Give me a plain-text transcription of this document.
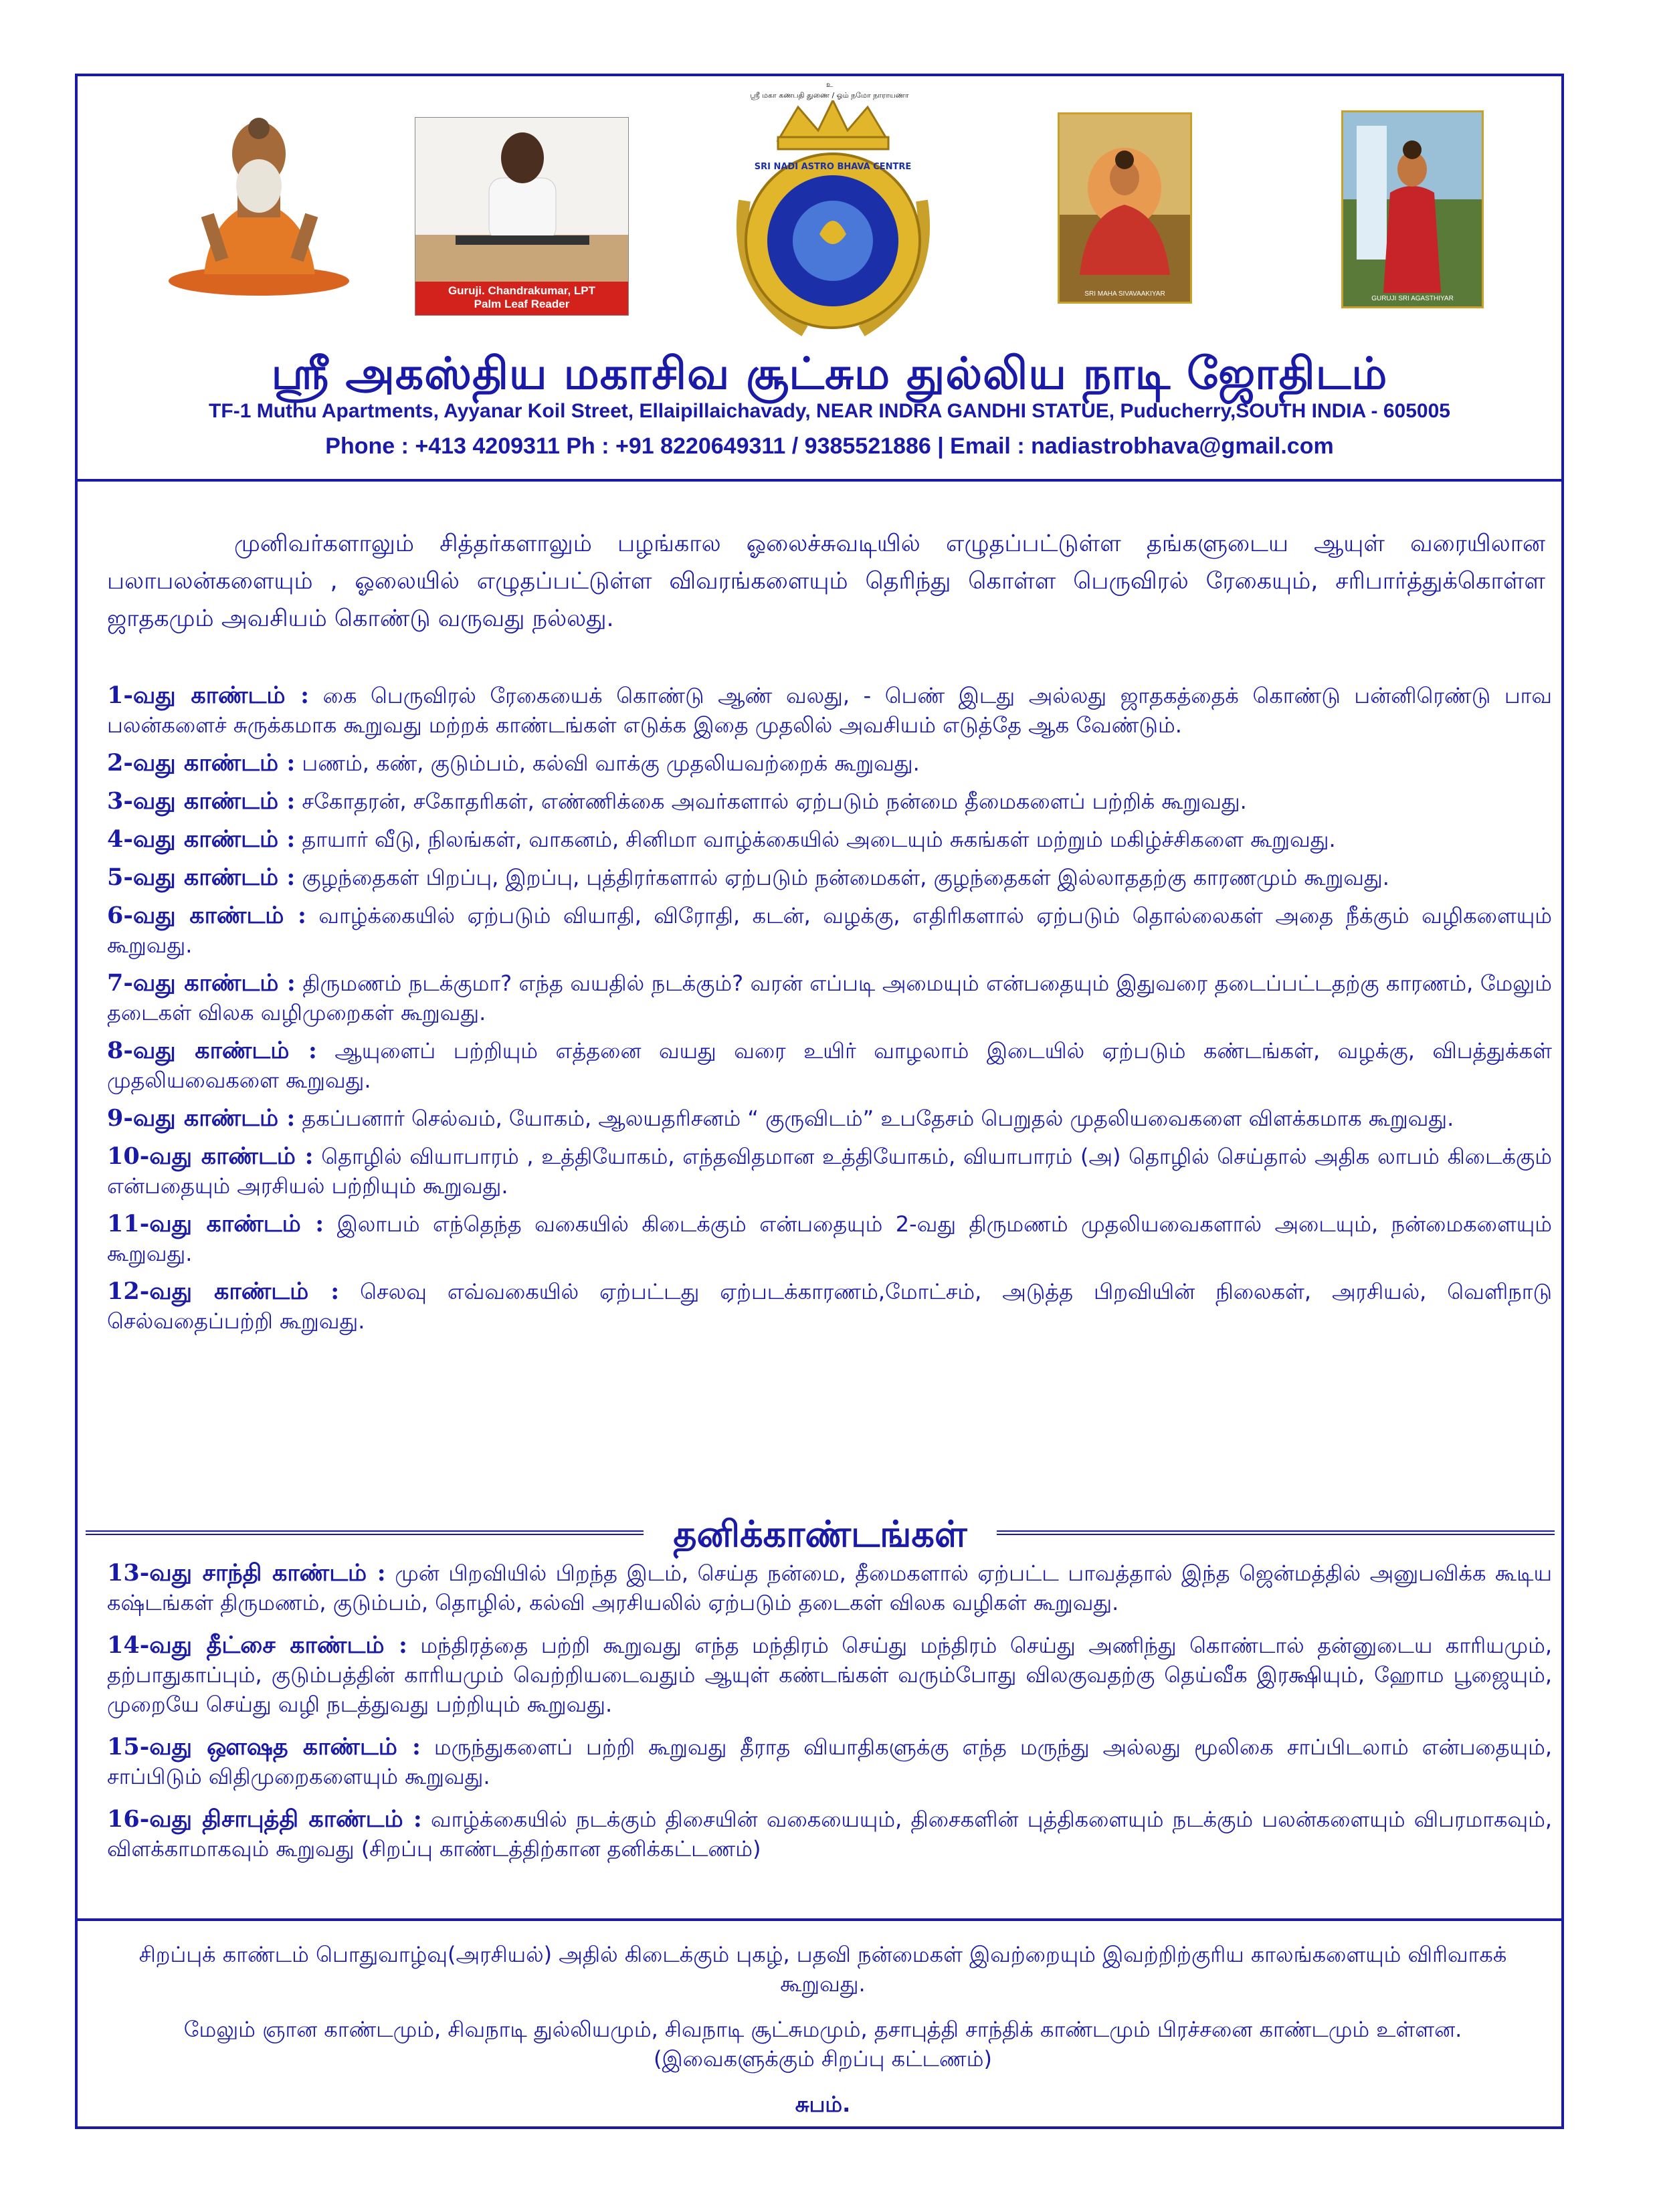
உ
ஸ்ரீ மகா கணபதி துணை / ஓம் நமோ நாராயணா
Guruji. Chandrakumar, LPT
Palm Leaf Reader
SRI NADI ASTRO BHAVA CENTRE
SRI MAHA SIVAVAAKIYAR
GURUJI SRI AGASTHIYAR
ஸ்ரீ அகஸ்திய மகாசிவ சூட்சும துல்லிய நாடி ஜோதிடம்
TF-1 Muthu Apartments, Ayyanar Koil Street, Ellaipillaichavady, NEAR INDRA GANDHI STATUE, Puducherry,SOUTH INDIA - 605005
Phone : +413 4209311 Ph : +91 8220649311 / 9385521886 | Email : nadiastrobhava@gmail.com
முனிவர்களாலும் சித்தர்களாலும் பழங்கால ஓலைச்சுவடியில் எழுதப்பட்டுள்ள தங்களுடைய ஆயுள் வரையிலான பலாபலன்களையும் , ஓலையில் எழுதப்பட்டுள்ள விவரங்களையும் தெரிந்து கொள்ள பெருவிரல் ரேகையும், சரிபார்த்துக்கொள்ள ஜாதகமும் அவசியம் கொண்டு வருவது நல்லது.
1-வது காண்டம் : கை பெருவிரல் ரேகையைக் கொண்டு ஆண் வலது, - பெண் இடது அல்லது ஜாதகத்தைக் கொண்டு பன்னிரெண்டு பாவ பலன்களைச் சுருக்கமாக கூறுவது மற்றக் காண்டங்கள் எடுக்க இதை முதலில் அவசியம் எடுத்தே ஆக வேண்டும்.
2-வது காண்டம் : பணம், கண், குடும்பம், கல்வி வாக்கு முதலியவற்றைக் கூறுவது.
3-வது காண்டம் : சகோதரன், சகோதரிகள், எண்ணிக்கை அவர்களால் ஏற்படும் நன்மை தீமைகளைப் பற்றிக் கூறுவது.
4-வது காண்டம் : தாயார் வீடு, நிலங்கள், வாகனம், சினிமா வாழ்க்கையில் அடையும் சுகங்கள் மற்றும் மகிழ்ச்சிகளை கூறுவது.
5-வது காண்டம் : குழந்தைகள் பிறப்பு, இறப்பு, புத்திரர்களால் ஏற்படும் நன்மைகள், குழந்தைகள் இல்லாததற்கு காரணமும் கூறுவது.
6-வது காண்டம் : வாழ்க்கையில் ஏற்படும் வியாதி, விரோதி, கடன், வழக்கு, எதிரிகளால் ஏற்படும் தொல்லைகள் அதை நீக்கும் வழிகளையும் கூறுவது.
7-வது காண்டம் : திருமணம் நடக்குமா? எந்த வயதில் நடக்கும்? வரன் எப்படி அமையும் என்பதையும் இதுவரை தடைப்பட்டதற்கு காரணம், மேலும் தடைகள் விலக வழிமுறைகள் கூறுவது.
8-வது காண்டம் : ஆயுளைப் பற்றியும் எத்தனை வயது வரை உயிர் வாழலாம் இடையில் ஏற்படும் கண்டங்கள், வழக்கு, விபத்துக்கள் முதலியவைகளை கூறுவது.
9-வது காண்டம் : தகப்பனார் செல்வம், யோகம், ஆலயதரிசனம் “ குருவிடம்” உபதேசம் பெறுதல் முதலியவைகளை விளக்கமாக கூறுவது.
10-வது காண்டம் : தொழில் வியாபாரம் , உத்தியோகம், எந்தவிதமான உத்தியோகம், வியாபாரம் (அ) தொழில் செய்தால் அதிக லாபம் கிடைக்கும் என்பதையும் அரசியல் பற்றியும் கூறுவது.
11-வது காண்டம் : இலாபம் எந்தெந்த வகையில் கிடைக்கும் என்பதையும் 2-வது திருமணம் முதலியவைகளால் அடையும், நன்மைகளையும் கூறுவது.
12-வது காண்டம் : செலவு எவ்வகையில் ஏற்பட்டது ஏற்படக்காரணம்,மோட்சம், அடுத்த பிறவியின் நிலைகள், அரசியல், வெளிநாடு செல்வதைப்பற்றி கூறுவது.
தனிக்காண்டங்கள்
13-வது சாந்தி காண்டம் : முன் பிறவியில் பிறந்த இடம், செய்த நன்மை, தீமைகளால் ஏற்பட்ட பாவத்தால் இந்த ஜென்மத்தில் அனுபவிக்க கூடிய கஷ்டங்கள் திருமணம், குடும்பம், தொழில், கல்வி அரசியலில் ஏற்படும் தடைகள் விலக வழிகள் கூறுவது.
14-வது தீட்சை காண்டம் : மந்திரத்தை பற்றி கூறுவது எந்த மந்திரம் செய்து மந்திரம் செய்து அணிந்து கொண்டால் தன்னுடைய காரியமும், தற்பாதுகாப்பும், குடும்பத்தின் காரியமும் வெற்றியடைவதும் ஆயுள் கண்டங்கள் வரும்போது விலகுவதற்கு தெய்வீக இரக்ஷியும், ஹோம பூஜையும், முறையே செய்து வழி நடத்துவது பற்றியும் கூறுவது.
15-வது ஔஷத காண்டம் : மருந்துகளைப் பற்றி கூறுவது தீராத வியாதிகளுக்கு எந்த மருந்து அல்லது மூலிகை சாப்பிடலாம் என்பதையும், சாப்பிடும் விதிமுறைகளையும் கூறுவது.
16-வது திசாபுத்தி காண்டம் : வாழ்க்கையில் நடக்கும் திசையின் வகையையும், திசைகளின் புத்திகளையும் நடக்கும் பலன்களையும் விபரமாகவும், விளக்காமாகவும் கூறுவது (சிறப்பு காண்டத்திற்கான தனிக்கட்டணம்)

சிறப்புக் காண்டம் பொதுவாழ்வு(அரசியல்) அதில் கிடைக்கும் புகழ், பதவி நன்மைகள் இவற்றையும் இவற்றிற்குரிய காலங்களையும் விரிவாகக் கூறுவது.

மேலும் ஞான காண்டமும், சிவநாடி துல்லியமும், சிவநாடி சூட்சுமமும், தசாபுத்தி சாந்திக் காண்டமும் பிரச்சனை காண்டமும் உள்ளன.(இவைகளுக்கும் சிறப்பு கட்டணம்)

சுபம்.
